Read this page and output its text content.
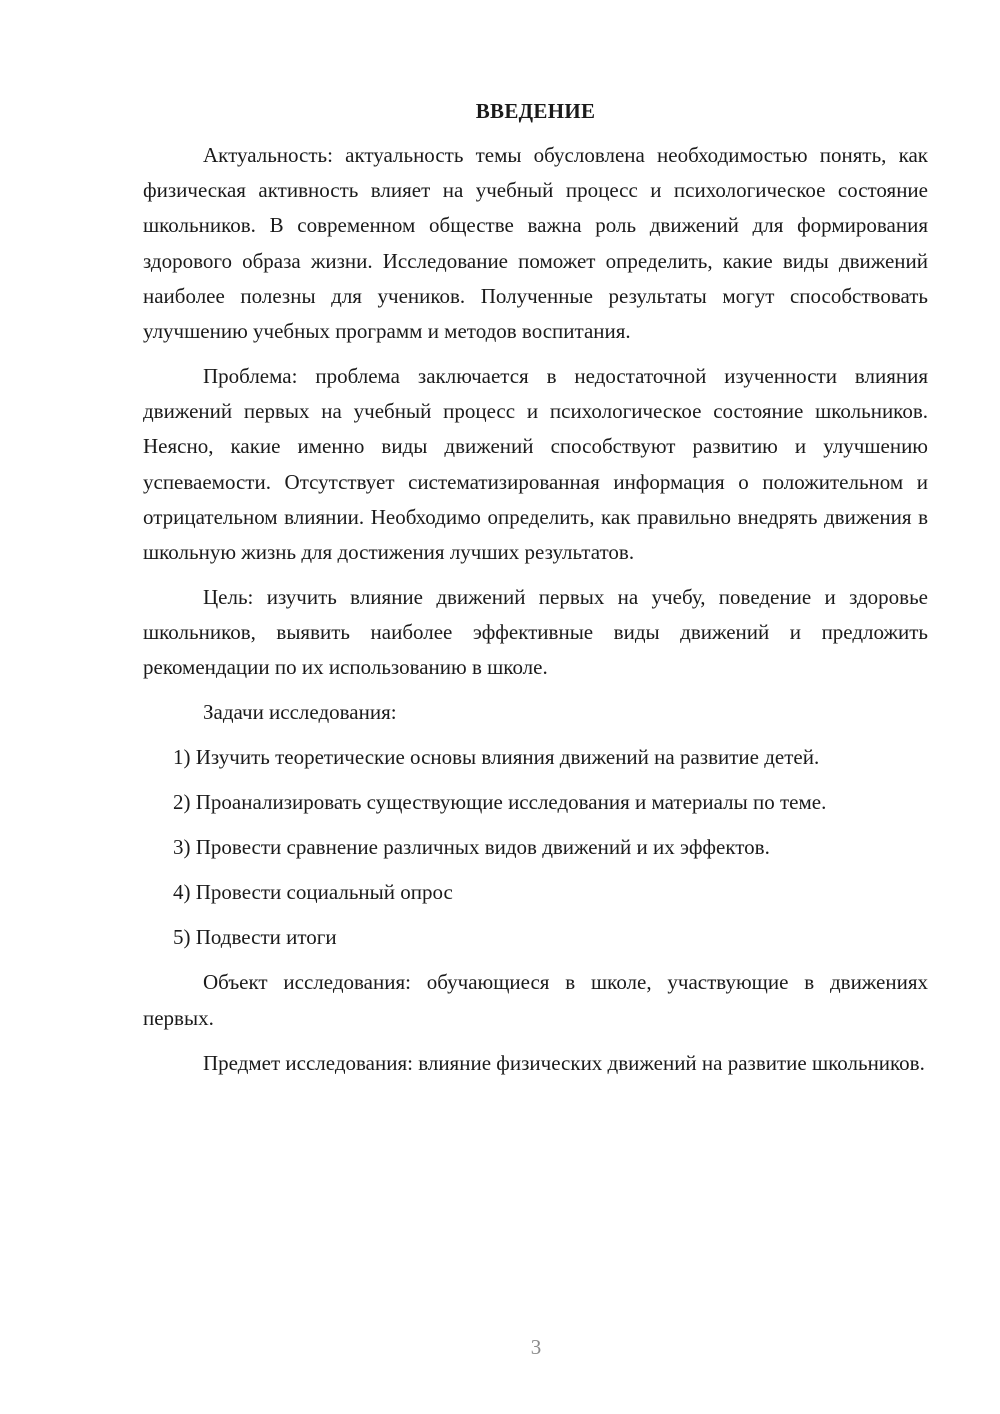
ВВЕДЕНИЕ

Актуальность: актуальность темы обусловлена необходимостью понять, как физическая активность влияет на учебный процесс и психологическое состояние школьников. В современном обществе важна роль движений для формирования здорового образа жизни. Исследование поможет определить, какие виды движений наиболее полезны для учеников. Полученные результаты могут способствовать улучшению учебных программ и методов воспитания.

Проблема: проблема заключается в недостаточной изученности влияния движений первых на учебный процесс и психологическое состояние школьников. Неясно, какие именно виды движений способствуют развитию и улучшению успеваемости. Отсутствует систематизированная информация о положительном и отрицательном влиянии. Необходимо определить, как правильно внедрять движения в школьную жизнь для достижения лучших результатов.

Цель: изучить влияние движений первых на учебу, поведение и здоровье школьников, выявить наиболее эффективные виды движений и предложить рекомендации по их использованию в школе.

Задачи исследования:

1) Изучить теоретические основы влияния движений на развитие детей.

2) Проанализировать существующие исследования и материалы по теме.

3) Провести сравнение различных видов движений и их эффектов.

4) Провести социальный опрос

5) Подвести итоги

Объект исследования: обучающиеся в школе, участвующие в движениях первых.

Предмет исследования: влияние физических движений на развитие школьников.

3
